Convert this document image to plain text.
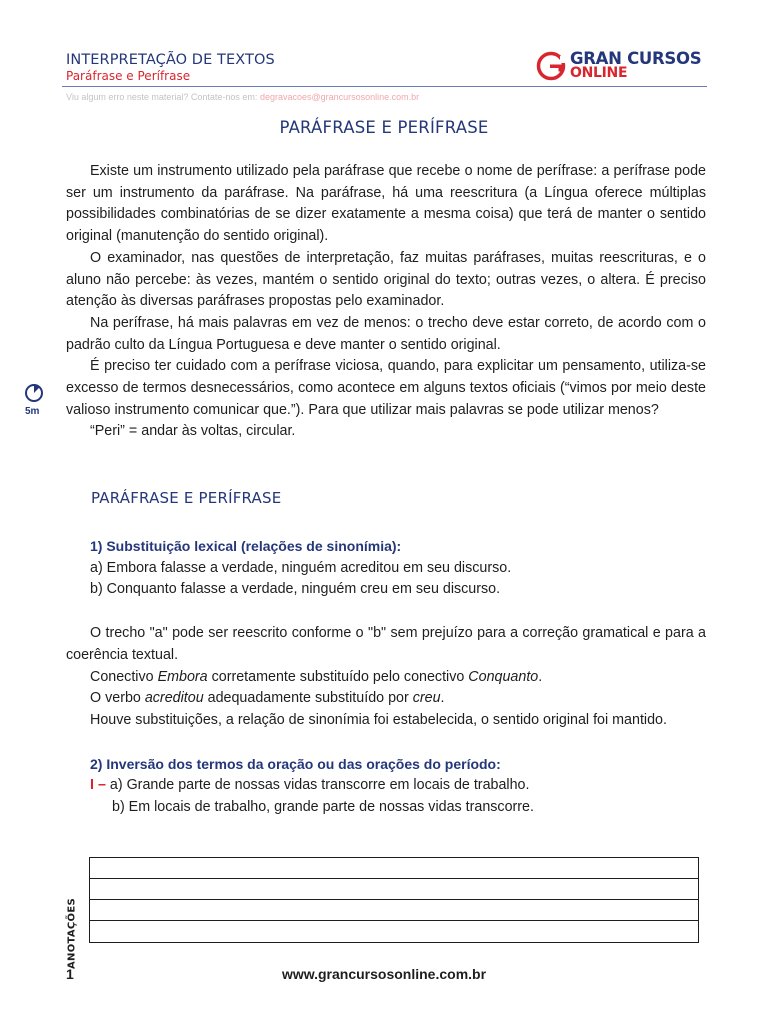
INTERPRETAÇÃO DE TEXTOS
Paráfrase e Perífrase
GRAN CURSOS
ONLINE
Viu algum erro neste material? Contate-nos em: degravacoes@grancursosonline.com.br
PARÁFRASE E PERÍFRASE

Existe um instrumento utilizado pela paráfrase que recebe o nome de perífrase: a perífrase pode ser um instrumento da paráfrase. Na paráfrase, há uma reescritura (a Língua oferece múltiplas possibilidades combinatórias de se dizer exatamente a mesma coisa) que terá de manter o sentido original (manutenção do sentido original).

O examinador, nas questões de interpretação, faz muitas paráfrases, muitas reescrituras, e o aluno não percebe: às vezes, mantém o sentido original do texto; outras vezes, o altera. É preciso atenção às diversas paráfrases propostas pelo examinador.

Na perífrase, há mais palavras em vez de menos: o trecho deve estar correto, de acordo com o padrão culto da Língua Portuguesa e deve manter o sentido original.

É preciso ter cuidado com a perífrase viciosa, quando, para explicitar um pensamento, utiliza-se excesso de termos desnecessários, como acontece em alguns textos oficiais (“vimos por meio deste valioso instrumento comunicar que.”). Para que utilizar mais palavras se pode utilizar menos?

“Peri” = andar às voltas, circular.

5m
PARÁFRASE E PERÍFRASE

1) Substituição lexical (relações de sinonímia):

a) Embora falasse a verdade, ninguém acreditou em seu discurso.

b) Conquanto falasse a verdade, ninguém creu em seu discurso.

O trecho "a" pode ser reescrito conforme o "b" sem prejuízo para a correção gramatical e para a coerência textual.

Conectivo Embora corretamente substituído pelo conectivo Conquanto.

O verbo acreditou adequadamente substituído por creu.

Houve substituições, a relação de sinonímia foi estabelecida, o sentido original foi mantido.

2) Inversão dos termos da oração ou das orações do período:

I – a) Grande parte de nossas vidas transcorre em locais de trabalho.

b) Em locais de trabalho, grande parte de nossas vidas transcorre.

ANOTAÇÕES
1	www.grancursosonline.com.br
